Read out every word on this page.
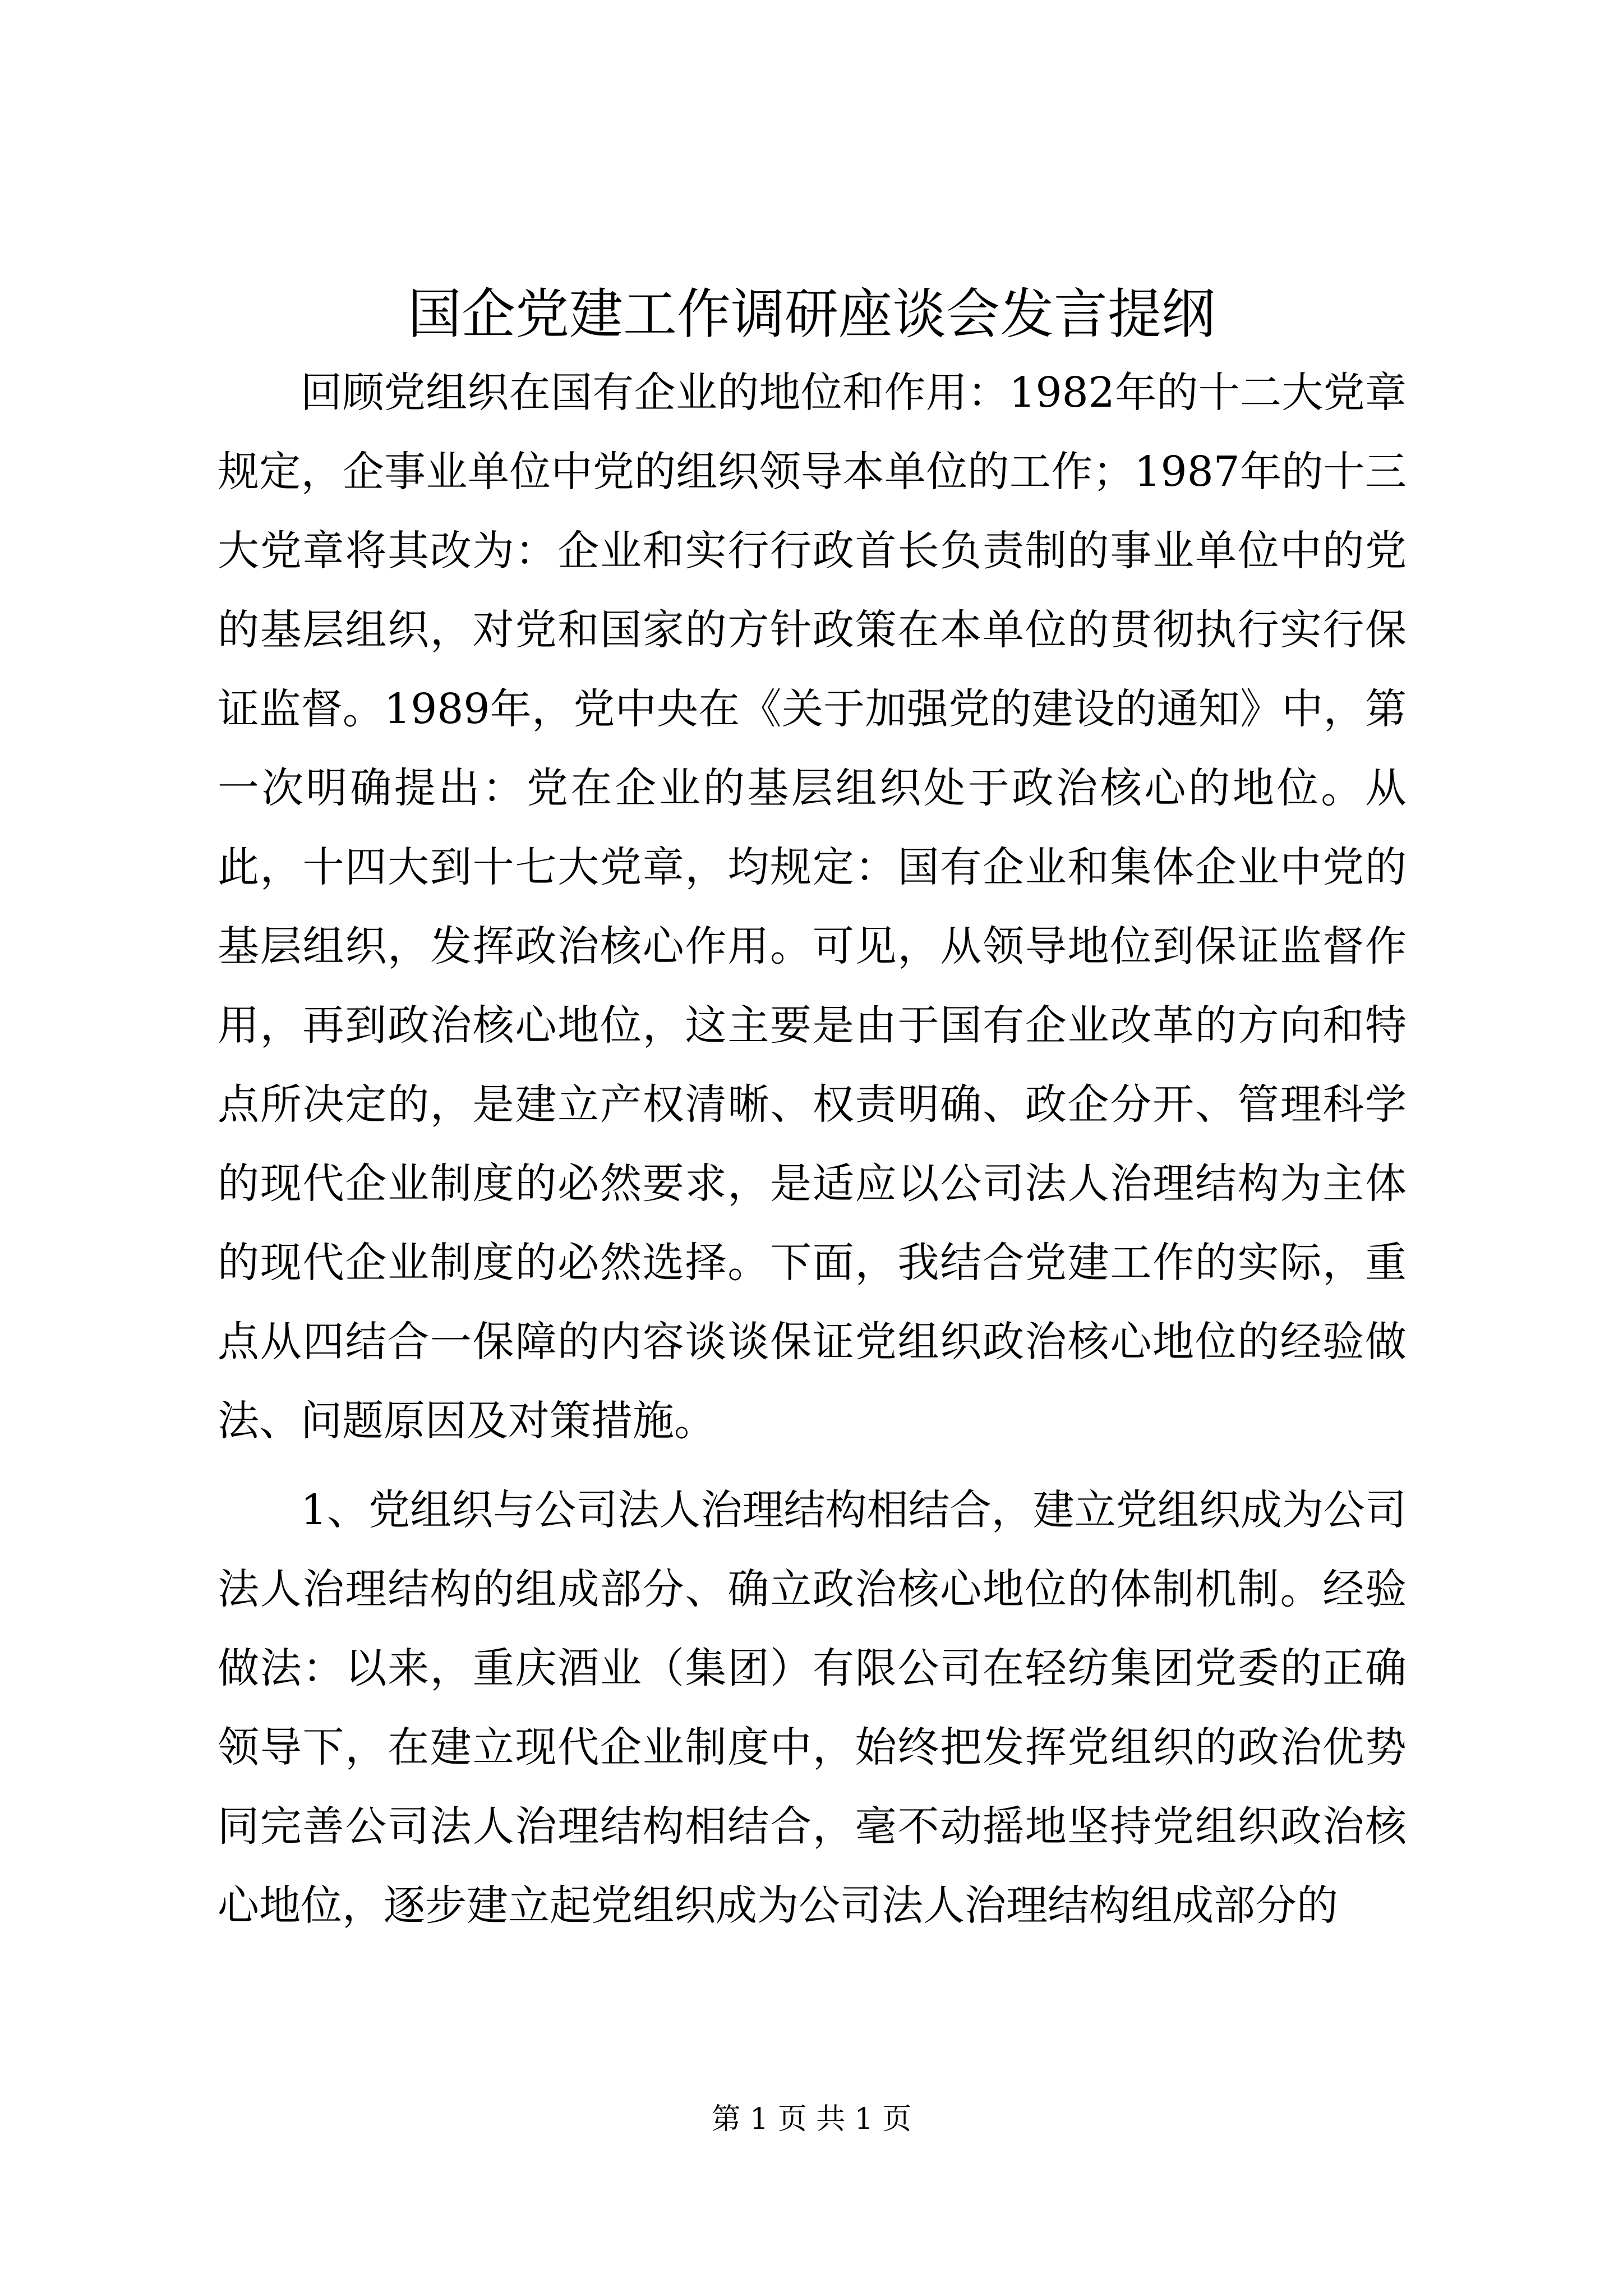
国企党建工作调研座谈会发言提纲

回顾党组织在国有企业的地位和作用：1982年的十二大党章规定，企事业单位中党的组织领导本单位的工作；1987年的十三大党章将其改为：企业和实行行政首长负责制的事业单位中的党的基层组织，对党和国家的方针政策在本单位的贯彻执行实行保证监督。1989年，党中央在《关于加强党的建设的通知》中，第一次明确提出：党在企业的基层组织处于政治核心的地位。从此，十四大到十七大党章，均规定：国有企业和集体企业中党的基层组织，发挥政治核心作用。可见，从领导地位到保证监督作用，再到政治核心地位，这主要是由于国有企业改革的方向和特点所决定的，是建立产权清晰、权责明确、政企分开、管理科学的现代企业制度的必然要求，是适应以公司法人治理结构为主体的现代企业制度的必然选择。下面，我结合党建工作的实际，重点从四结合一保障的内容谈谈保证党组织政治核心地位的经验做法、问题原因及对策措施。

1、党组织与公司法人治理结构相结合，建立党组织成为公司法人治理结构的组成部分、确立政治核心地位的体制机制。经验做法：以来，重庆酒业（集团）有限公司在轻纺集团党委的正确领导下，在建立现代企业制度中，始终把发挥党组织的政治优势同完善公司法人治理结构相结合，毫不动摇地坚持党组织政治核心地位，逐步建立起党组织成为公司法人治理结构组成部分的

第 1 页 共 1 页
